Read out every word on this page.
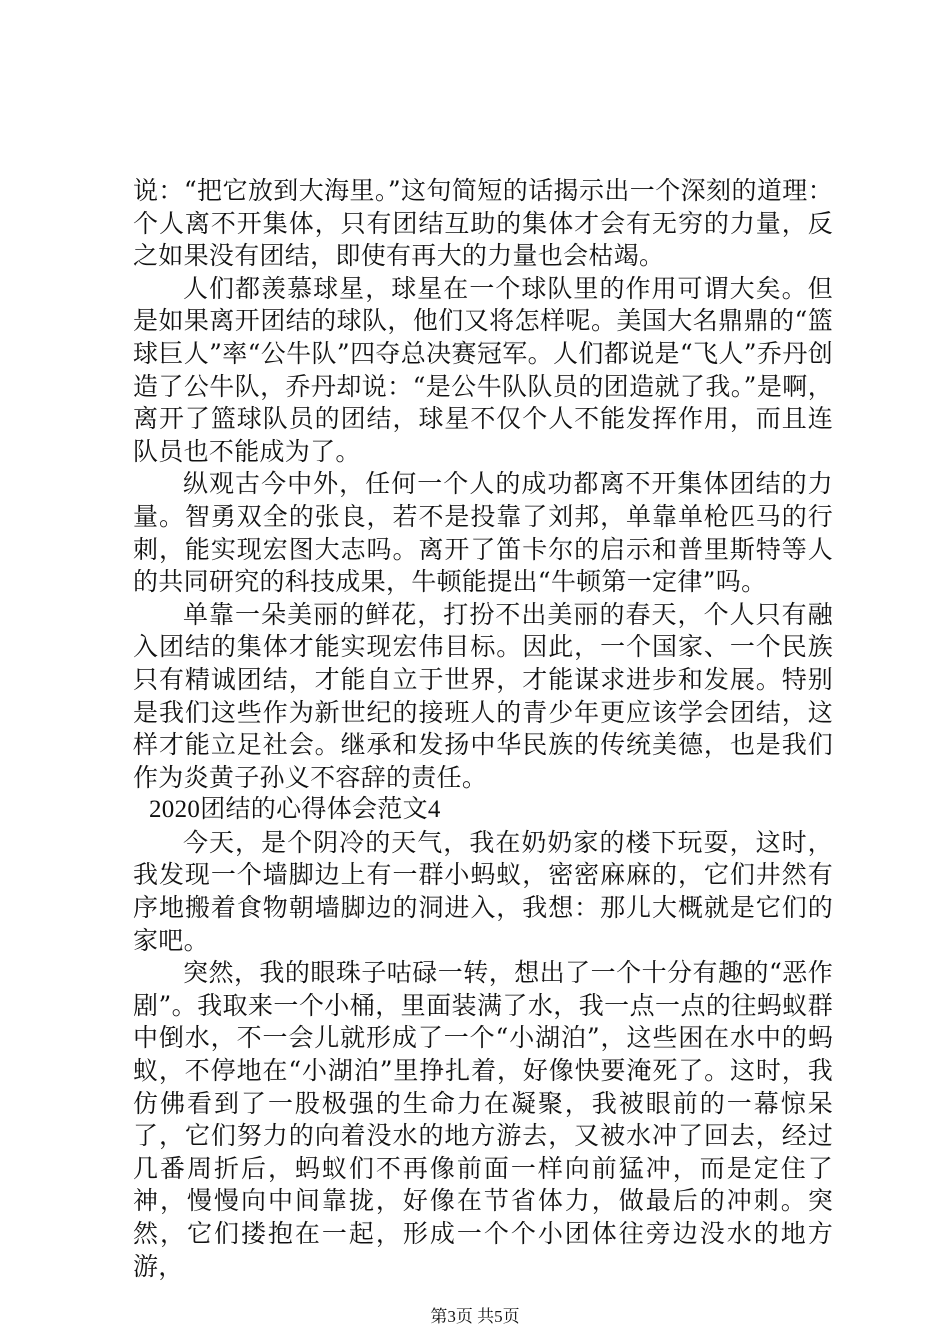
说：“把它放到大海里。”这句简短的话揭示出一个深刻的道理：个人离不开集体，只有团结互助的集体才会有无穷的力量，反之如果没有团结，即使有再大的力量也会枯竭。

人们都羡慕球星，球星在一个球队里的作用可谓大矣。但是如果离开团结的球队，他们又将怎样呢。美国大名鼎鼎的“篮球巨人”率“公牛队”四夺总决赛冠军。人们都说是“飞人”乔丹创造了公牛队，乔丹却说：“是公牛队队员的团造就了我。”是啊，离开了篮球队员的团结，球星不仅个人不能发挥作用，而且连队员也不能成为了。

纵观古今中外，任何一个人的成功都离不开集体团结的力量。智勇双全的张良，若不是投靠了刘邦，单靠单枪匹马的行刺，能实现宏图大志吗。离开了笛卡尔的启示和普里斯特等人的共同研究的科技成果，牛顿能提出“牛顿第一定律”吗。

单靠一朵美丽的鲜花，打扮不出美丽的春天，个人只有融入团结的集体才能实现宏伟目标。因此，一个国家、一个民族只有精诚团结，才能自立于世界，才能谋求进步和发展。特别是我们这些作为新世纪的接班人的青少年更应该学会团结，这样才能立足社会。继承和发扬中华民族的传统美德，也是我们作为炎黄子孙义不容辞的责任。

2020团结的心得体会范文4

今天，是个阴冷的天气，我在奶奶家的楼下玩耍，这时，我发现一个墙脚边上有一群小蚂蚁，密密麻麻的，它们井然有序地搬着食物朝墙脚边的洞进入，我想：那儿大概就是它们的家吧。

突然，我的眼珠子咕碌一转，想出了一个十分有趣的“恶作剧”。我取来一个小桶，里面装满了水，我一点一点的往蚂蚁群中倒水，不一会儿就形成了一个“小湖泊”，这些困在水中的蚂蚁，不停地在“小湖泊”里挣扎着，好像快要淹死了。这时，我仿佛看到了一股极强的生命力在凝聚，我被眼前的一幕惊呆了，它们努力的向着没水的地方游去，又被水冲了回去，经过几番周折后，蚂蚁们不再像前面一样向前猛冲，而是定住了神，慢慢向中间靠拢，好像在节省体力，做最后的冲刺。突然，它们搂抱在一起，形成一个个小团体往旁边没水的地方游，

第3页 共5页
